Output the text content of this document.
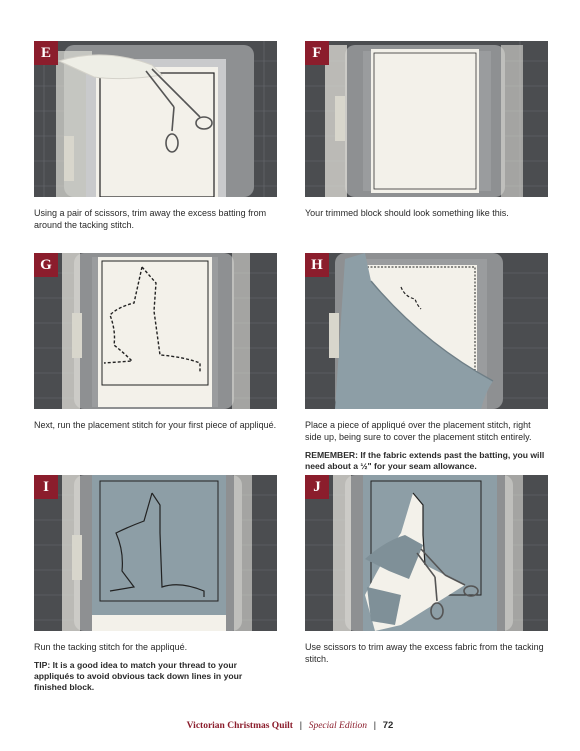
E
Using a pair of scissors, trim away the excess batting from around the tacking stitch.
F
Your trimmed block should look something like this.
G
Next, run the placement stitch for your first piece of appliqué.
H
Place a piece of appliqué over the placement stitch, right side up, being sure to cover the placement stitch entirely.
REMEMBER: If the fabric extends past the batting, you will need about a ½" for your seam allowance.
I
Run the tacking stitch for the appliqué.
TIP: It is a good idea to match your thread to your appliqués to avoid obvious tack down lines in your finished block.
J
Use scissors to trim away the excess fabric from the tacking stitch.
Victorian Christmas Quilt | Special Edition | 72
